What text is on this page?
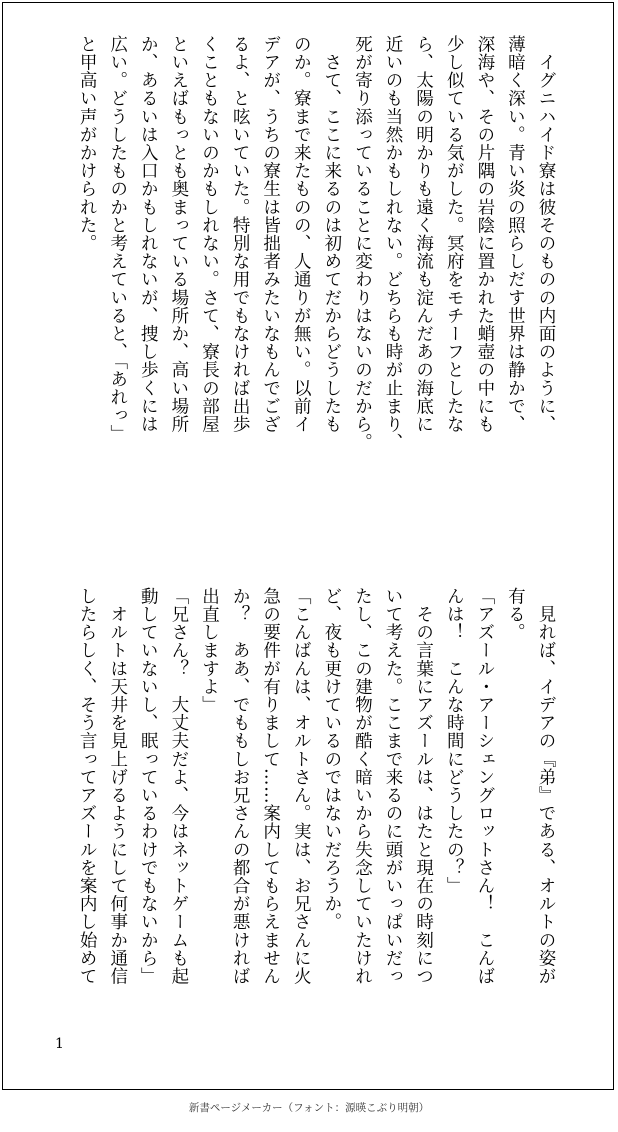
　イグニハイド寮は彼そのものの内面のように、
薄暗く深い。青い炎の照らしだす世界は静かで、
深海や、その片隅の岩陰に置かれた蛸壺の中にも
少し似ている気がした。冥府をモチーフとしたな
ら、太陽の明かりも遠く海流も淀んだあの海底に
近いのも当然かもしれない。どちらも時が止まり、
死が寄り添っていることに変わりはないのだから。
　さて、ここに来るのは初めてだからどうしたも
のか。寮まで来たものの、人通りが無い。以前イ
デアが、うちの寮生は皆拙者みたいなもんでござ
るよ、と呟いていた。特別な用でもなければ出歩
くこともないのかもしれない。さて、寮長の部屋
といえばもっとも奥まっている場所か、高い場所
か、あるいは入口かもしれないが、捜し歩くには
広い。どうしたものかと考えていると、「あれっ」
と甲高い声がかけられた。
　見れば、イデアの『弟』である、オルトの姿が
有る。
「アズール・アーシェングロットさん！　こんば
んは！　こんな時間にどうしたの？」
　その言葉にアズールは、はたと現在の時刻につ
いて考えた。ここまで来るのに頭がいっぱいだっ
たし、この建物が酷く暗いから失念していたけれ
ど、夜も更けているのではないだろうか。
「こんばんは、オルトさん。実は、お兄さんに火
急の要件が有りまして……案内してもらえません
か？　ああ、でももしお兄さんの都合が悪ければ
出直しますよ」
「兄さん？　大丈夫だよ、今はネットゲームも起
動していないし、眠っているわけでもないから」
　オルトは天井を見上げるようにして何事か通信
したらしく、そう言ってアズールを案内し始めて
1
新書ページメーカー（フォント：源暎こぶり明朝）
